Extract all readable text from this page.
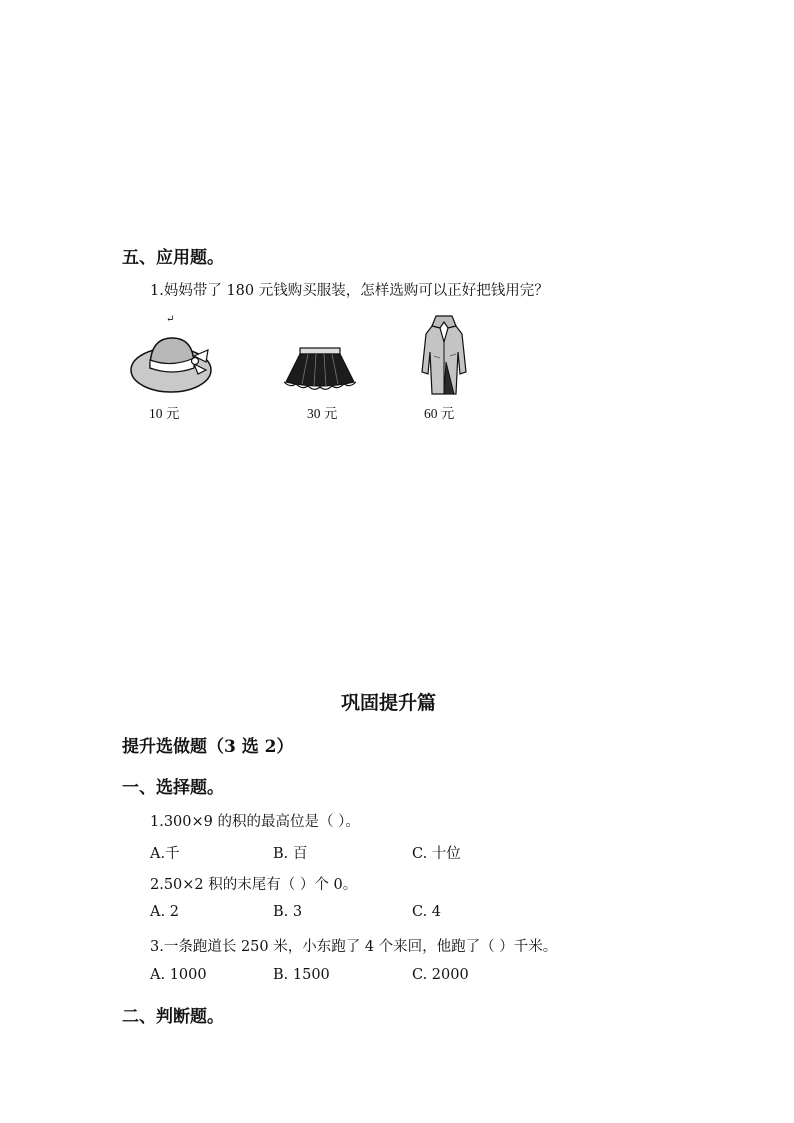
五、应用题。
1.妈妈带了 180 元钱购买服装，怎样选购可以正好把钱用完？
↵
10 元	30 元	60 元
巩固提升篇
提升选做题（3 选 2）
一、选择题。
1.300×9 的积的最高位是（ ）。
A.千	B. 百	C. 十位
2.50×2 积的末尾有（ ）个 0。
A. 2	B. 3	C. 4
3.一条跑道长 250 米，小东跑了 4 个来回，他跑了（ ）千米。
A. 1000	B. 1500	C. 2000
二、判断题。
